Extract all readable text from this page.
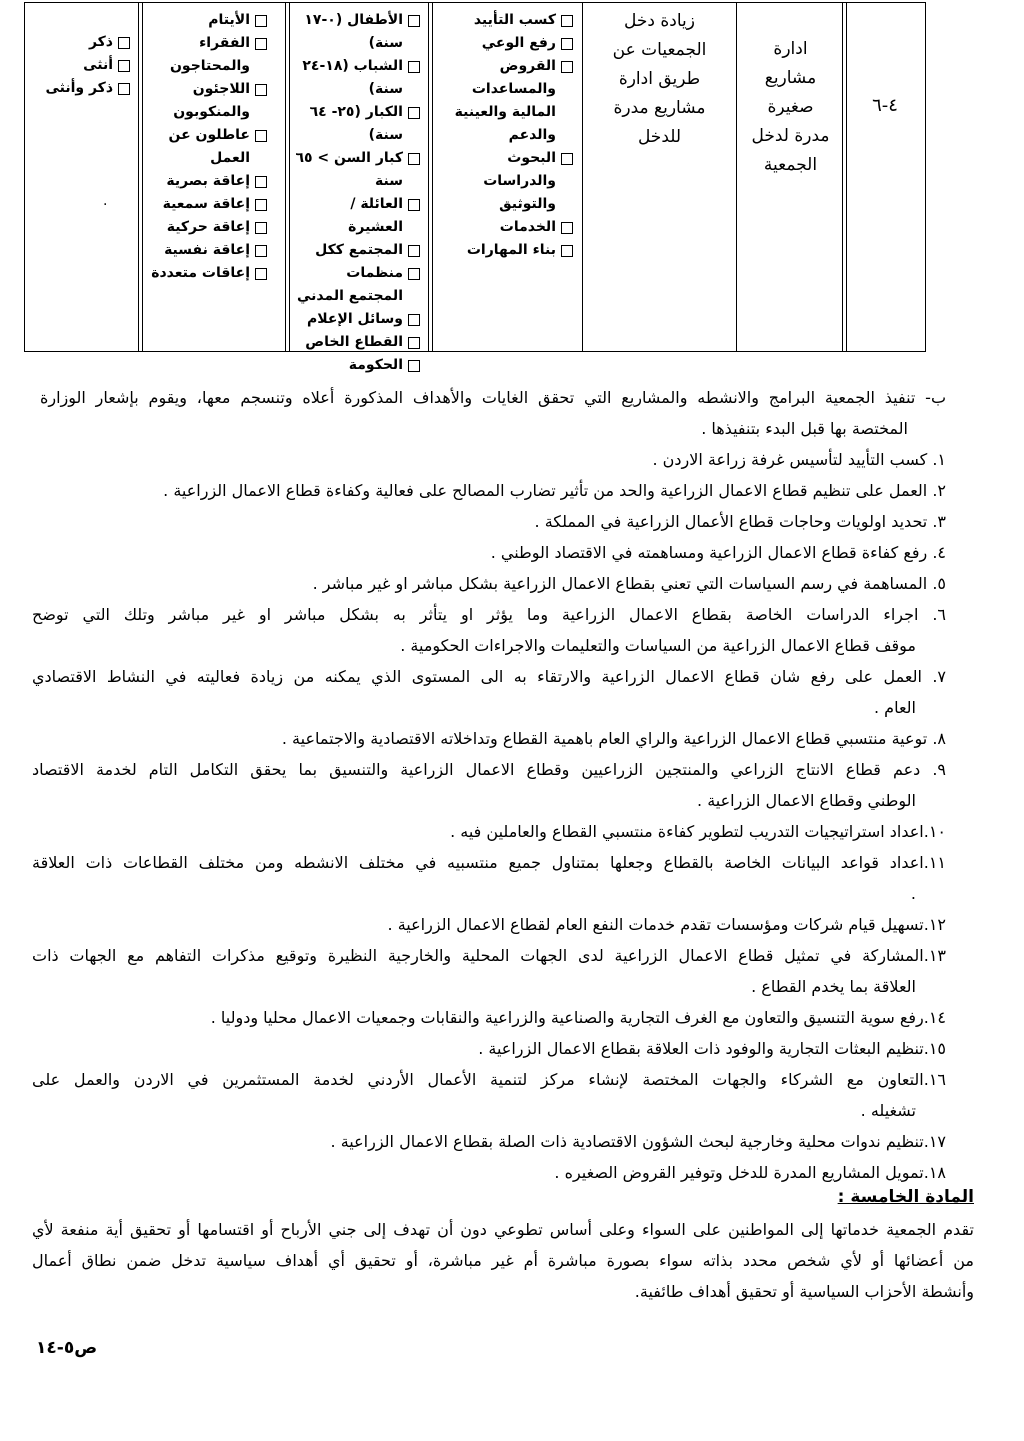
٤-٦
ادارة
مشاريع
صغيرة
مدرة لدخل
الجمعية
زيادة دخل
الجمعيات عن
طريق ادارة
مشاريع مدرة
للدخل
كسب التأييد
رفع الوعي
القروض والمساعدات المالية والعينية والدعم
البحوث والدراسات والتوثيق
الخدمات
بناء المهارات
الأطفال (٠-١٧ سنة)
الشباب (١٨-٢٤ سنة)
الكبار (٢٥- ٦٤ سنة)
كبار السن > ٦٥ سنة
العائلة / العشيرة
المجتمع ككل
منظمات المجتمع المدني
وسائل الإعلام
القطاع الخاص
الحكومة
الأيتام
الفقراء والمحتاجون
اللاجئون والمنكوبون
عاطلون عن العمل
إعاقة بصرية
إعاقة سمعية
إعاقة حركية
إعاقة نفسية
إعاقات متعددة
ذكر
أنثى
ذكر وأنثى
.
ب- تنفيذ الجمعية البرامج والانشطه والمشاريع التي تحقق الغايات والأهداف المذكورة أعلاه وتنسجم معها، ويقوم بإشعار الوزارة
المختصة بها قبل البدء بتنفيذها .
١. كسب التأييد لتأسيس غرفة زراعة الاردن .
٢. العمل على تنظيم قطاع الاعمال الزراعية والحد من تأثير تضارب المصالح على فعالية وكفاءة قطاع الاعمال الزراعية .
٣. تحديد اولويات وحاجات قطاع الأعمال الزراعية في المملكة .
٤. رفع كفاءة قطاع الاعمال الزراعية ومساهمته في الاقتصاد الوطني .
٥. المساهمة في رسم السياسات التي تعني بقطاع الاعمال الزراعية بشكل مباشر او غير مباشر .
٦. اجراء الدراسات الخاصة بقطاع الاعمال الزراعية وما يؤثر او يتأثر به بشكل مباشر او غير مباشر وتلك التي توضح
موقف قطاع الاعمال الزراعية من السياسات والتعليمات والاجراءات الحكومية .
٧. العمل على رفع شان قطاع الاعمال الزراعية والارتقاء به الى المستوى الذي يمكنه من زيادة فعاليته في النشاط الاقتصادي
العام .
٨. توعية منتسبي قطاع الاعمال الزراعية والراي العام باهمية القطاع وتداخلاته الاقتصادية والاجتماعية .
٩. دعم قطاع الانتاج الزراعي والمنتجين الزراعيين وقطاع الاعمال الزراعية والتنسيق بما يحقق التكامل التام لخدمة الاقتصاد
الوطني وقطاع الاعمال الزراعية .
١٠.اعداد استراتيجيات التدريب لتطوير كفاءة منتسبي القطاع والعاملين فيه .
١١.اعداد قواعد البيانات الخاصة بالقطاع وجعلها بمتناول جميع منتسبيه في مختلف الانشطه ومن مختلف القطاعات ذات العلاقة
.
١٢.تسهيل قيام شركات ومؤسسات تقدم خدمات النفع العام لقطاع الاعمال الزراعية .
١٣.المشاركة في تمثيل قطاع الاعمال الزراعية لدى الجهات المحلية والخارجية النظيرة وتوقيع مذكرات التفاهم مع الجهات ذات
العلاقة بما يخدم القطاع .
١٤.رفع سوية التنسيق والتعاون مع الغرف التجارية والصناعية والزراعية والنقابات وجمعيات الاعمال محليا ودوليا .
١٥.تنظيم البعثات التجارية والوفود ذات العلاقة بقطاع الاعمال الزراعية .
١٦.التعاون مع الشركاء والجهات المختصة لإنشاء مركز لتنمية الأعمال الأردني لخدمة المستثمرين في الاردن والعمل على
تشغيله .
١٧.تنظيم ندوات محلية وخارجية لبحث الشؤون الاقتصادية ذات الصلة بقطاع الاعمال الزراعية .
١٨.تمويل المشاريع المدرة للدخل وتوفير القروض الصغيره .
المادة الخامسة :
تقدم الجمعية خدماتها إلى المواطنين على السواء وعلى أساس تطوعي دون أن تهدف إلى جني الأرباح أو اقتسامها أو تحقيق أية منفعة لأي
من أعضائها أو لأي شخص محدد بذاته سواء بصورة مباشرة أم غير مباشرة، أو تحقيق أي أهداف سياسية تدخل ضمن نطاق أعمال
وأنشطة الأحزاب السياسية أو تحقيق أهداف طائفية.
ص٥-١٤
